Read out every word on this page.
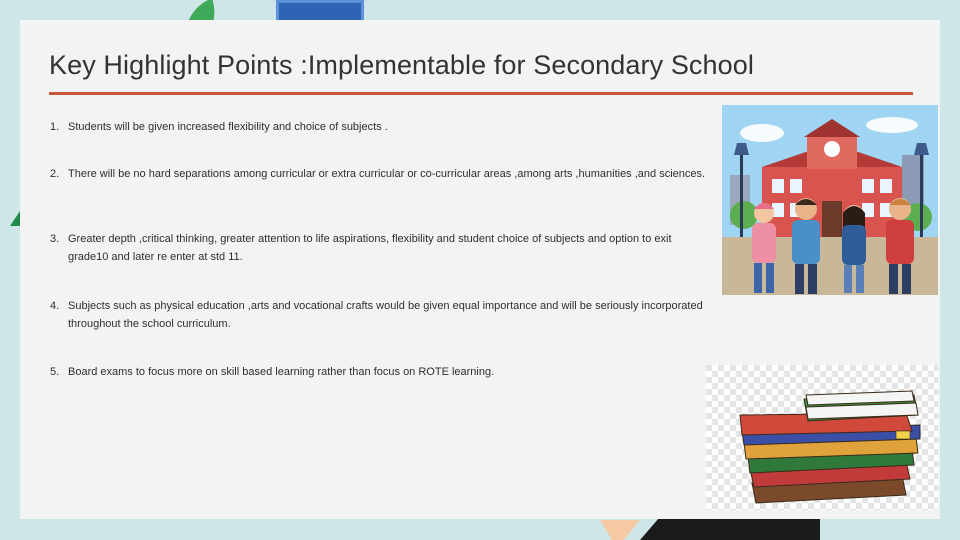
Key Highlight Points :Implementable for Secondary School
1. Students will be given increased flexibility and choice of subjects .
2. There will be no hard separations among curricular or extra curricular or co-curricular areas ,among arts ,humanities ,and sciences.
3. Greater depth ,critical thinking, greater attention to life aspirations, flexibility and student choice of subjects and option to exit grade10 and later re enter at std 11.
4. Subjects such as physical education ,arts and vocational crafts would be given equal importance and will be seriously incorporated throughout the school curriculum.
5. Board exams to focus more on skill based learning rather than focus on ROTE learning.
